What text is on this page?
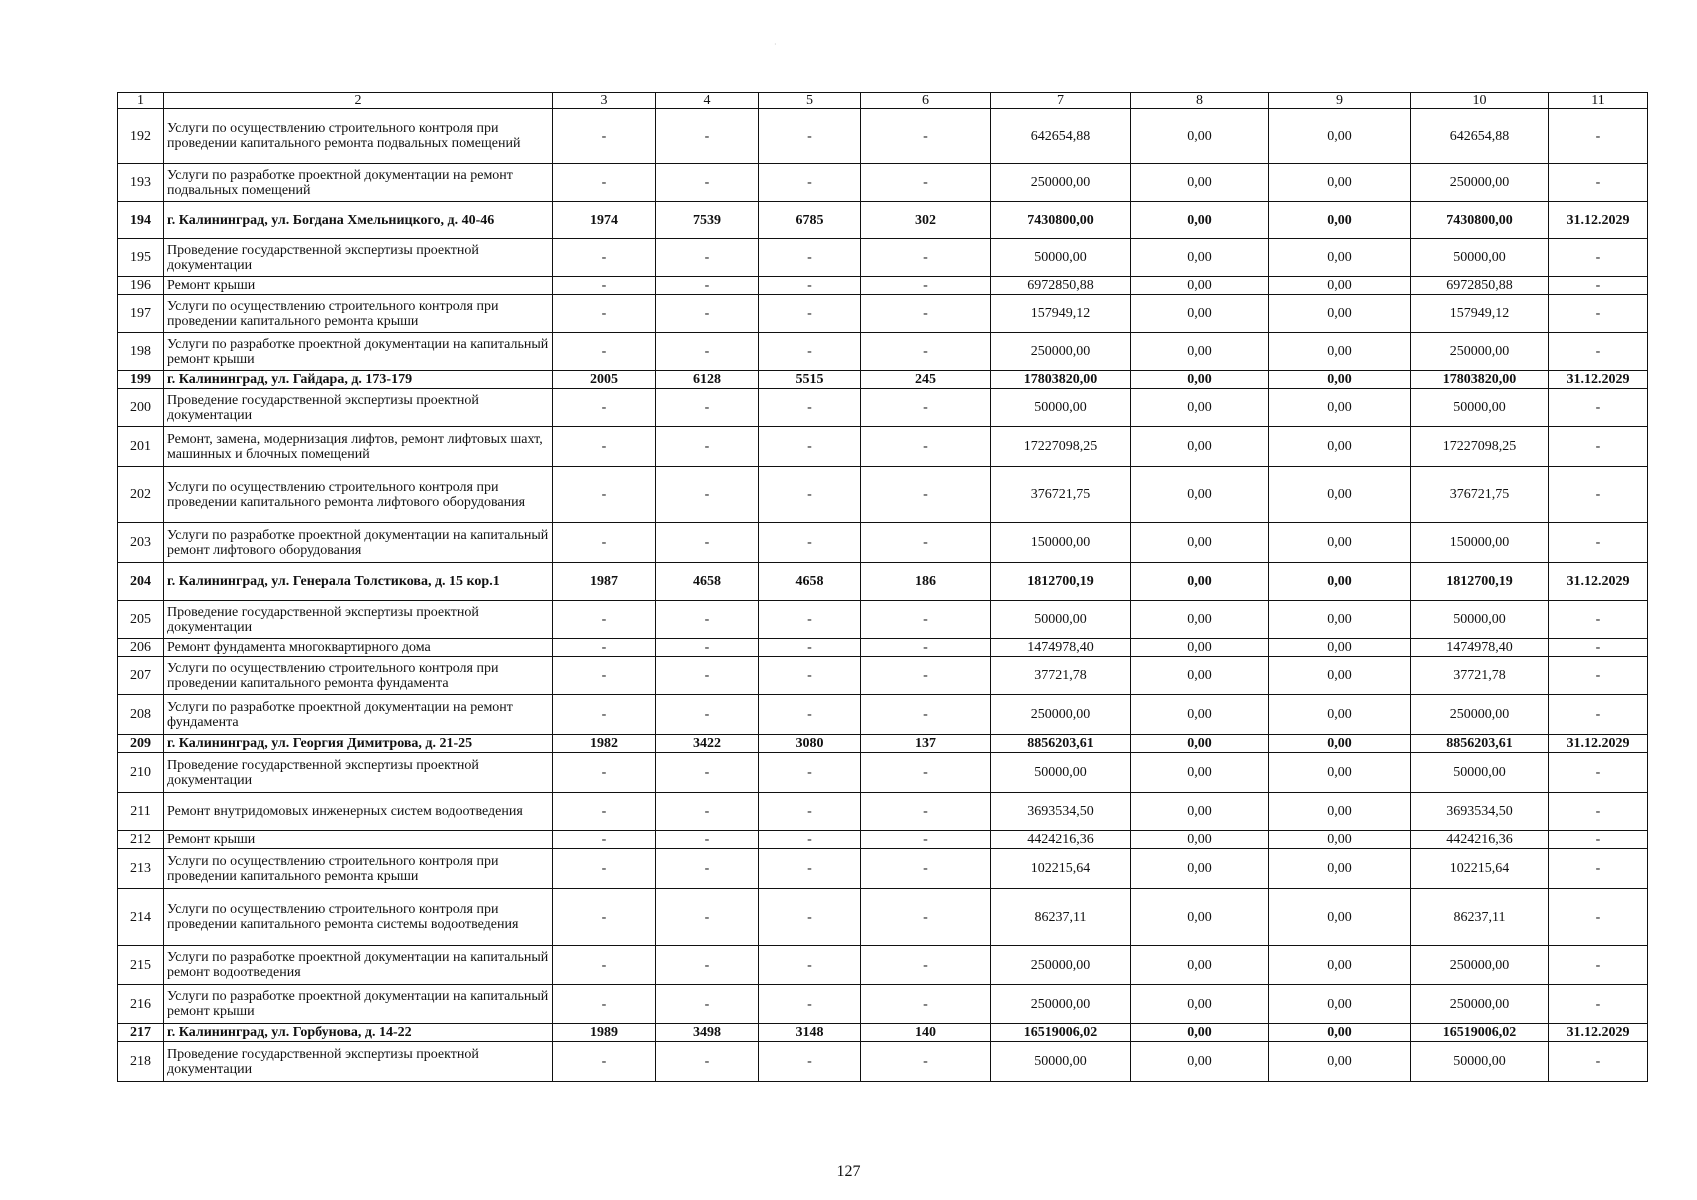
·
1	2	3	4	5	6	7	8	9	10	11
192	Услуги по осуществлению строительного контроля при проведении капитального ремонта подвальных помещений	-	-	-	-	642654,88	0,00	0,00	642654,88	-
193	Услуги по разработке проектной документации на ремонт подвальных помещений	-	-	-	-	250000,00	0,00	0,00	250000,00	-
194	г. Калининград, ул. Богдана Хмельницкого, д. 40-46	1974	7539	6785	302	7430800,00	0,00	0,00	7430800,00	31.12.2029
195	Проведение государственной экспертизы проектной документации	-	-	-	-	50000,00	0,00	0,00	50000,00	-
196	Ремонт крыши	-	-	-	-	6972850,88	0,00	0,00	6972850,88	-
197	Услуги по осуществлению строительного контроля при проведении капитального ремонта крыши	-	-	-	-	157949,12	0,00	0,00	157949,12	-
198	Услуги по разработке проектной документации на капитальный ремонт крыши	-	-	-	-	250000,00	0,00	0,00	250000,00	-
199	г. Калининград, ул. Гайдара, д. 173-179	2005	6128	5515	245	17803820,00	0,00	0,00	17803820,00	31.12.2029
200	Проведение государственной экспертизы проектной документации	-	-	-	-	50000,00	0,00	0,00	50000,00	-
201	Ремонт, замена, модернизация лифтов, ремонт лифтовых шахт, машинных и блочных помещений	-	-	-	-	17227098,25	0,00	0,00	17227098,25	-
202	Услуги по осуществлению строительного контроля при проведении капитального ремонта лифтового оборудования	-	-	-	-	376721,75	0,00	0,00	376721,75	-
203	Услуги по разработке проектной документации на капитальный ремонт лифтового оборудования	-	-	-	-	150000,00	0,00	0,00	150000,00	-
204	г. Калининград, ул. Генерала Толстикова, д. 15 кор.1	1987	4658	4658	186	1812700,19	0,00	0,00	1812700,19	31.12.2029
205	Проведение государственной экспертизы проектной документации	-	-	-	-	50000,00	0,00	0,00	50000,00	-
206	Ремонт фундамента многоквартирного дома	-	-	-	-	1474978,40	0,00	0,00	1474978,40	-
207	Услуги по осуществлению строительного контроля при проведении капитального ремонта фундамента	-	-	-	-	37721,78	0,00	0,00	37721,78	-
208	Услуги по разработке проектной документации на ремонт фундамента	-	-	-	-	250000,00	0,00	0,00	250000,00	-
209	г. Калининград, ул. Георгия Димитрова, д. 21-25	1982	3422	3080	137	8856203,61	0,00	0,00	8856203,61	31.12.2029
210	Проведение государственной экспертизы проектной документации	-	-	-	-	50000,00	0,00	0,00	50000,00	-
211	Ремонт внутридомовых инженерных систем водоотведения	-	-	-	-	3693534,50	0,00	0,00	3693534,50	-
212	Ремонт крыши	-	-	-	-	4424216,36	0,00	0,00	4424216,36	-
213	Услуги по осуществлению строительного контроля при проведении капитального ремонта крыши	-	-	-	-	102215,64	0,00	0,00	102215,64	-
214	Услуги по осуществлению строительного контроля при проведении капитального ремонта системы водоотведения	-	-	-	-	86237,11	0,00	0,00	86237,11	-
215	Услуги по разработке проектной документации на капитальный ремонт водоотведения	-	-	-	-	250000,00	0,00	0,00	250000,00	-
216	Услуги по разработке проектной документации на капитальный ремонт крыши	-	-	-	-	250000,00	0,00	0,00	250000,00	-
217	г. Калининград, ул. Горбунова, д. 14-22	1989	3498	3148	140	16519006,02	0,00	0,00	16519006,02	31.12.2029
218	Проведение государственной экспертизы проектной документации	-	-	-	-	50000,00	0,00	0,00	50000,00	-
127
